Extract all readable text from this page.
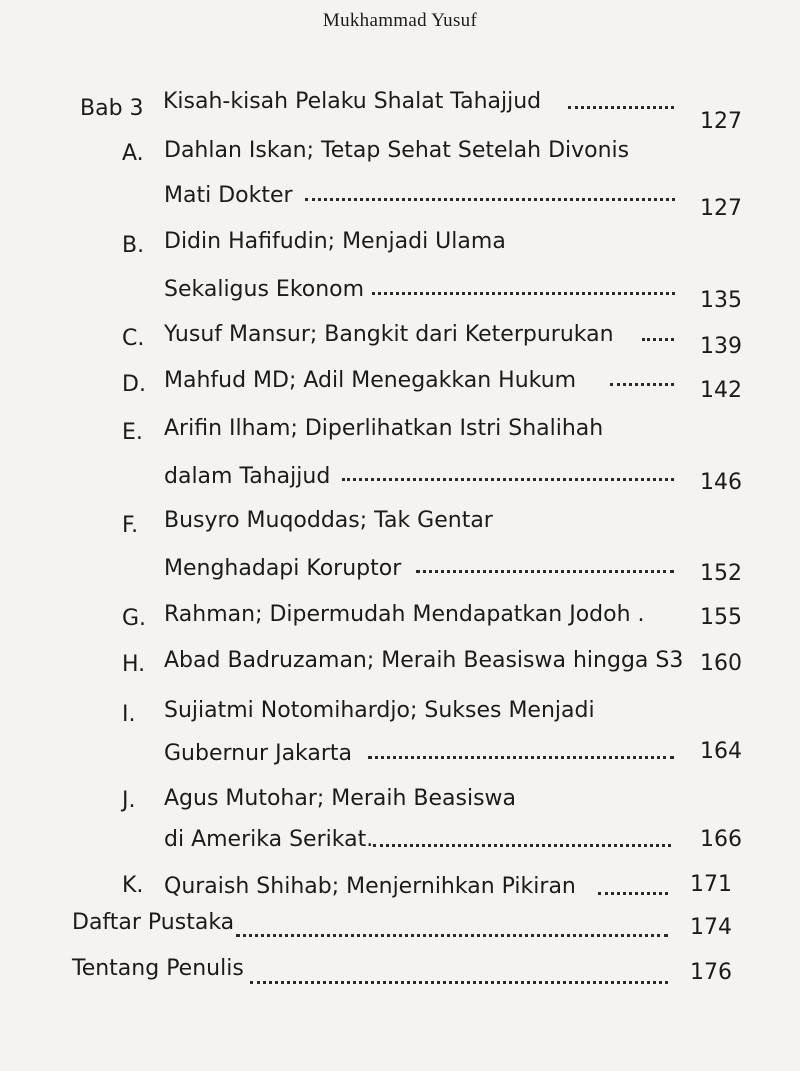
Mukhammad Yusuf
Bab 3 Kisah-kisah Pelaku Shalat Tahajjud
127
A. Dahlan Iskan; Tetap Sehat Setelah Divonis
Mati Dokter
127
B. Didin Hafifudin; Menjadi Ulama
Sekaligus Ekonom	135
C. Yusuf Mansur; Bangkit dari Keterpurukan	139
D. Mahfud MD; Adil Menegakkan Hukum	142
E. Arifin Ilham; Diperlihatkan Istri Shalihah
dalam Tahajjud	146
F. Busyro Muqoddas; Tak Gentar
Menghadapi Koruptor	152
G. Rahman; Dipermudah Mendapatkan Jodoh .	155
H. Abad Badruzaman; Meraih Beasiswa hingga S3 160
I. Sujiatmi Notomihardjo; Sukses Menjadi
Gubernur Jakarta	164
J. Agus Mutohar; Meraih Beasiswa
di Amerika Serikat.	166
K. Quraish Shihab; Menjernihkan Pikiran	171
Daftar Pustaka	174
Tentang Penulis	176
